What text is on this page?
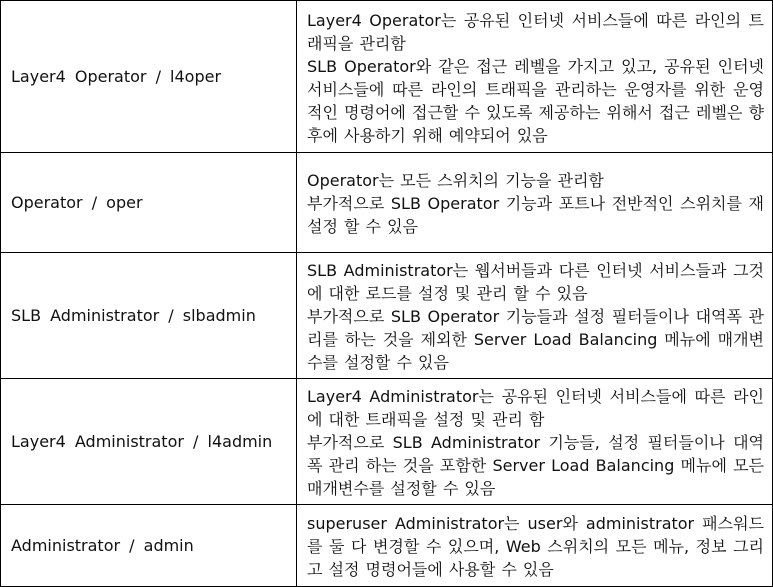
Layer4 Operator / l4oper	Layer4 Operator는 공유된 인터넷 서비스들에 따른 라인의 트래픽을 관리함
SLB Operator와 같은 접근 레벨을 가지고 있고, 공유된 인터넷 서비스들에 따른 라인의 트래픽을 관리하는 운영자를 위한 운영적인 명령어에 접근할 수 있도록 제공하는 위해서 접근 레벨은 향후에 사용하기 위해 예약되어 있음

Operator / oper	Operator는 모든 스위치의 기능을 관리함
부가적으로 SLB Operator 기능과 포트나 전반적인 스위치를 재설정 할 수 있음

SLB Administrator / slbadmin	SLB Administrator는 웹서버들과 다른 인터넷 서비스들과 그것에 대한 로드를 설정 및 관리 할 수 있음
부가적으로 SLB Operator 기능들과 설정 필터들이나 대역폭 관리를 하는 것을 제외한 Server Load Balancing 메뉴에 매개변수를 설정할 수 있음

Layer4 Administrator / l4admin	Layer4 Administrator는 공유된 인터넷 서비스들에 따른 라인에 대한 트래픽을 설정 및 관리 함
부가적으로 SLB Administrator 기능들, 설정 필터들이나 대역폭 관리 하는 것을 포함한 Server Load Balancing 메뉴에 모든 매개변수를 설정할 수 있음

Administrator / admin	superuser Administrator는 user와 administrator 패스워드를 둘 다 변경할 수 있으며, Web 스위치의 모든 메뉴, 정보 그리고 설정 명령어들에 사용할 수 있음
